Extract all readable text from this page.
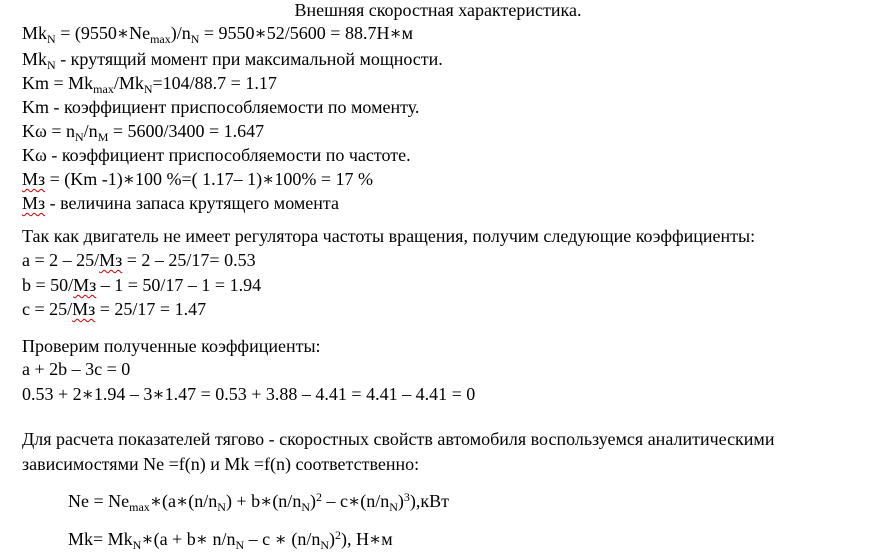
Внешняя скоростная характеристика.
$Mk_N$ = $(9550∗Ne_{max})/n_N$ = 9550∗52/5600 = 88.7Н∗м
$Mk_N$ - крутящий момент при максимальной мощности.
$Km = Mk_{max}/Mk_N=104/88.7 = 1.17$
Km - коэффициент приспособляемости по моменту.
$K\omega = n_N/n_M = 5600/3400 = 1.647$
Kω - коэффициент приспособляемости по частоте.
Mз = (Km -1)∗100 %=( 1.17– 1)∗100% = 17 %
Mз - величина запаса крутящего момента
Так как двигатель не имеет регулятора частоты вращения, получим следующие коэффициенты:
a = 2 – 25/Mз = 2 – 25/17= 0.53
b = 50/Mз – 1 = 50/17 – 1 = 1.94
c = 25/Mз = 25/17 = 1.47
Проверим полученные коэффициенты:
a + 2b – 3c = 0
0.53 + 2∗1.94 – 3∗1.47 = 0.53 + 3.88 – 4.41 = 4.41 – 4.41 = 0
Для расчета показателей тягово - скоростных свойств автомобиля воспользуемся аналитическими
зависимостями Ne =f(n) и Mk =f(n) соответственно:
$Ne = Ne_{max}∗(a∗(n/n_N)$ + $b∗(n/n_N)^2$ – $c∗(n/n_N)^3),кВт$
$Mk= Mk_N∗(a$ + b∗ $n/n_N$ – c ∗ $(n/n_N)^2$), Н∗м
